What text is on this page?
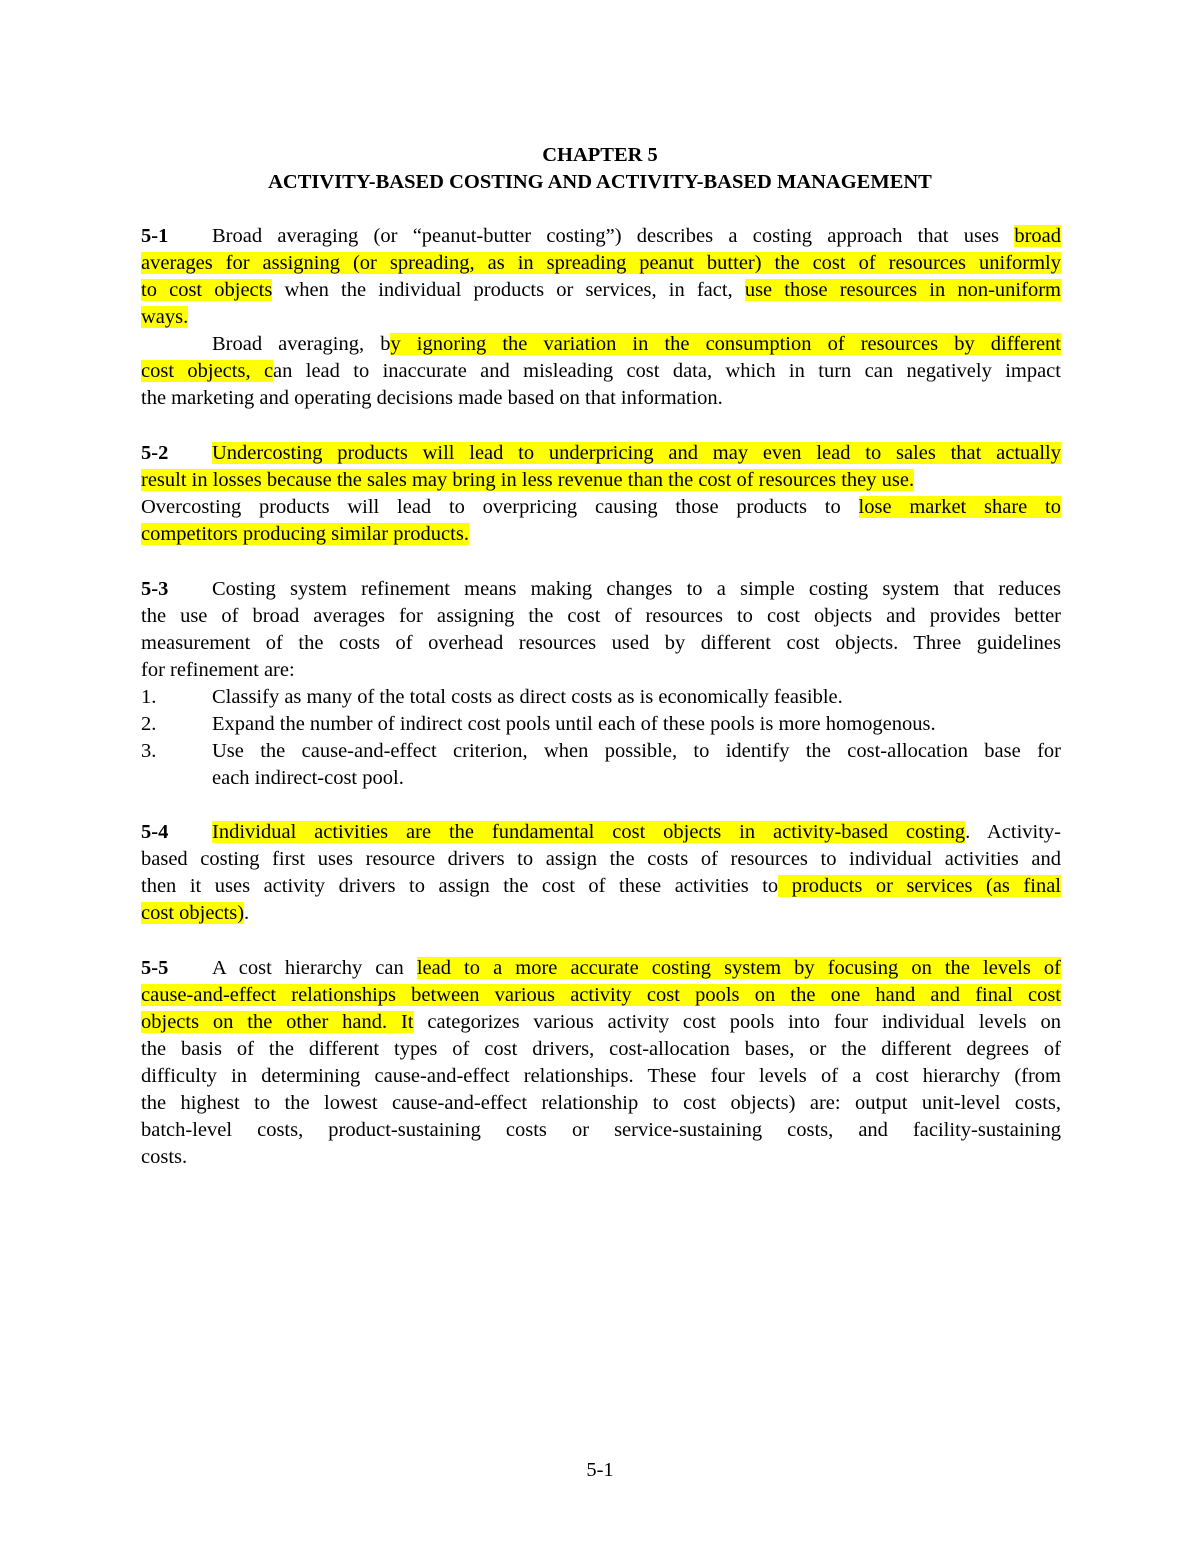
CHAPTER 5
ACTIVITY-BASED COSTING AND ACTIVITY-BASED MANAGEMENT
5-1 Broad averaging (or “peanut-butter costing”) describes a costing approach that uses broad
averages for assigning (or spreading, as in spreading peanut butter) the cost of resources uniformly
to cost objects when the individual products or services, in fact, use those resources in non-uniform
ways.
Broad averaging, by ignoring the variation in the consumption of resources by different
cost objects, can lead to inaccurate and misleading cost data, which in turn can negatively impact
the marketing and operating decisions made based on that information.
5-2 Undercosting products will lead to underpricing and may even lead to sales that actually
result in losses because the sales may bring in less revenue than the cost of resources they use.
Overcosting products will lead to overpricing causing those products to lose market share to
competitors producing similar products.
5-3 Costing system refinement means making changes to a simple costing system that reduces
the use of broad averages for assigning the cost of resources to cost objects and provides better
measurement of the costs of overhead resources used by different cost objects. Three guidelines
for refinement are:
1.	Classify as many of the total costs as direct costs as is economically feasible.
2.	Expand the number of indirect cost pools until each of these pools is more homogenous.
3.	Use the cause-and-effect criterion, when possible, to identify the cost-allocation base for
each indirect-cost pool.
5-4 Individual activities are the fundamental cost objects in activity-based costing. Activity-
based costing first uses resource drivers to assign the costs of resources to individual activities and
then it uses activity drivers to assign the cost of these activities to products or services (as final
cost objects).
5-5 A cost hierarchy can lead to a more accurate costing system by focusing on the levels of
cause-and-effect relationships between various activity cost pools on the one hand and final cost
objects on the other hand. It categorizes various activity cost pools into four individual levels on
the basis of the different types of cost drivers, cost-allocation bases, or the different degrees of
difficulty in determining cause-and-effect relationships. These four levels of a cost hierarchy (from
the highest to the lowest cause-and-effect relationship to cost objects) are: output unit-level costs,
batch-level costs, product-sustaining costs or service-sustaining costs, and facility-sustaining
costs.
5-1
